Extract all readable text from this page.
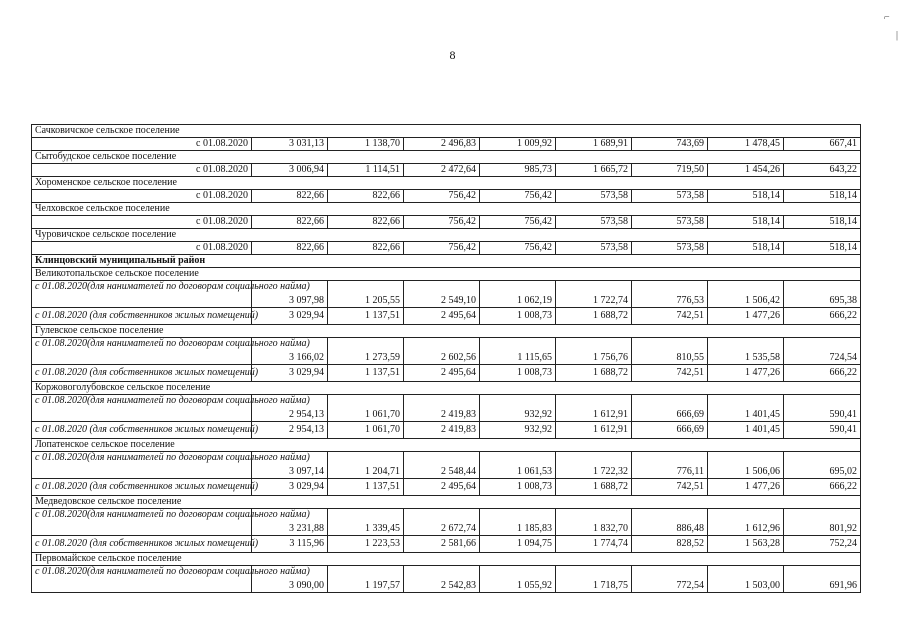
8
Сачковичское сельское поселение								
с 01.08.2020	3 031,13	1 138,70	2 496,83	1 009,92	1 689,91	743,69	1 478,45	667,41
Сытобудское сельское поселение								
с 01.08.2020	3 006,94	1 114,51	2 472,64	985,73	1 665,72	719,50	1 454,26	643,22
Хороменское сельское поселение								
с 01.08.2020	822,66	822,66	756,42	756,42	573,58	573,58	518,14	518,14
Челховское сельское поселение								
с 01.08.2020	822,66	822,66	756,42	756,42	573,58	573,58	518,14	518,14
Чуровичское сельское поселение								
с 01.08.2020	822,66	822,66	756,42	756,42	573,58	573,58	518,14	518,14
Клинцовский муниципальный район								
Великотопальское сельское поселение								
с 01.08.2020(для нанимателей по договорам социального найма)	3 097,98	1 205,55	2 549,10	1 062,19	1 722,74	776,53	1 506,42	695,38
с 01.08.2020 (для собственников жилых помещений)	3 029,94	1 137,51	2 495,64	1 008,73	1 688,72	742,51	1 477,26	666,22
Гулевское сельское поселение								
с 01.08.2020(для нанимателей по договорам социального найма)	3 166,02	1 273,59	2 602,56	1 115,65	1 756,76	810,55	1 535,58	724,54
с 01.08.2020 (для собственников жилых помещений)	3 029,94	1 137,51	2 495,64	1 008,73	1 688,72	742,51	1 477,26	666,22
Коржовоголубовское сельское поселение								
с 01.08.2020(для нанимателей по договорам социального найма)	2 954,13	1 061,70	2 419,83	932,92	1 612,91	666,69	1 401,45	590,41
с 01.08.2020 (для собственников жилых помещений)	2 954,13	1 061,70	2 419,83	932,92	1 612,91	666,69	1 401,45	590,41
Лопатенское сельское поселение								
с 01.08.2020(для нанимателей по договорам социального найма)	3 097,14	1 204,71	2 548,44	1 061,53	1 722,32	776,11	1 506,06	695,02
с 01.08.2020 (для собственников жилых помещений)	3 029,94	1 137,51	2 495,64	1 008,73	1 688,72	742,51	1 477,26	666,22
Медведовское сельское поселение								
с 01.08.2020(для нанимателей по договорам социального найма)	3 231,88	1 339,45	2 672,74	1 185,83	1 832,70	886,48	1 612,96	801,92
с 01.08.2020 (для собственников жилых помещений)	3 115,96	1 223,53	2 581,66	1 094,75	1 774,74	828,52	1 563,28	752,24
Первомайское сельское поселение								
с 01.08.2020(для нанимателей по договорам социального найма)	3 090,00	1 197,57	2 542,83	1 055,92	1 718,75	772,54	1 503,00	691,96
⌐
|
